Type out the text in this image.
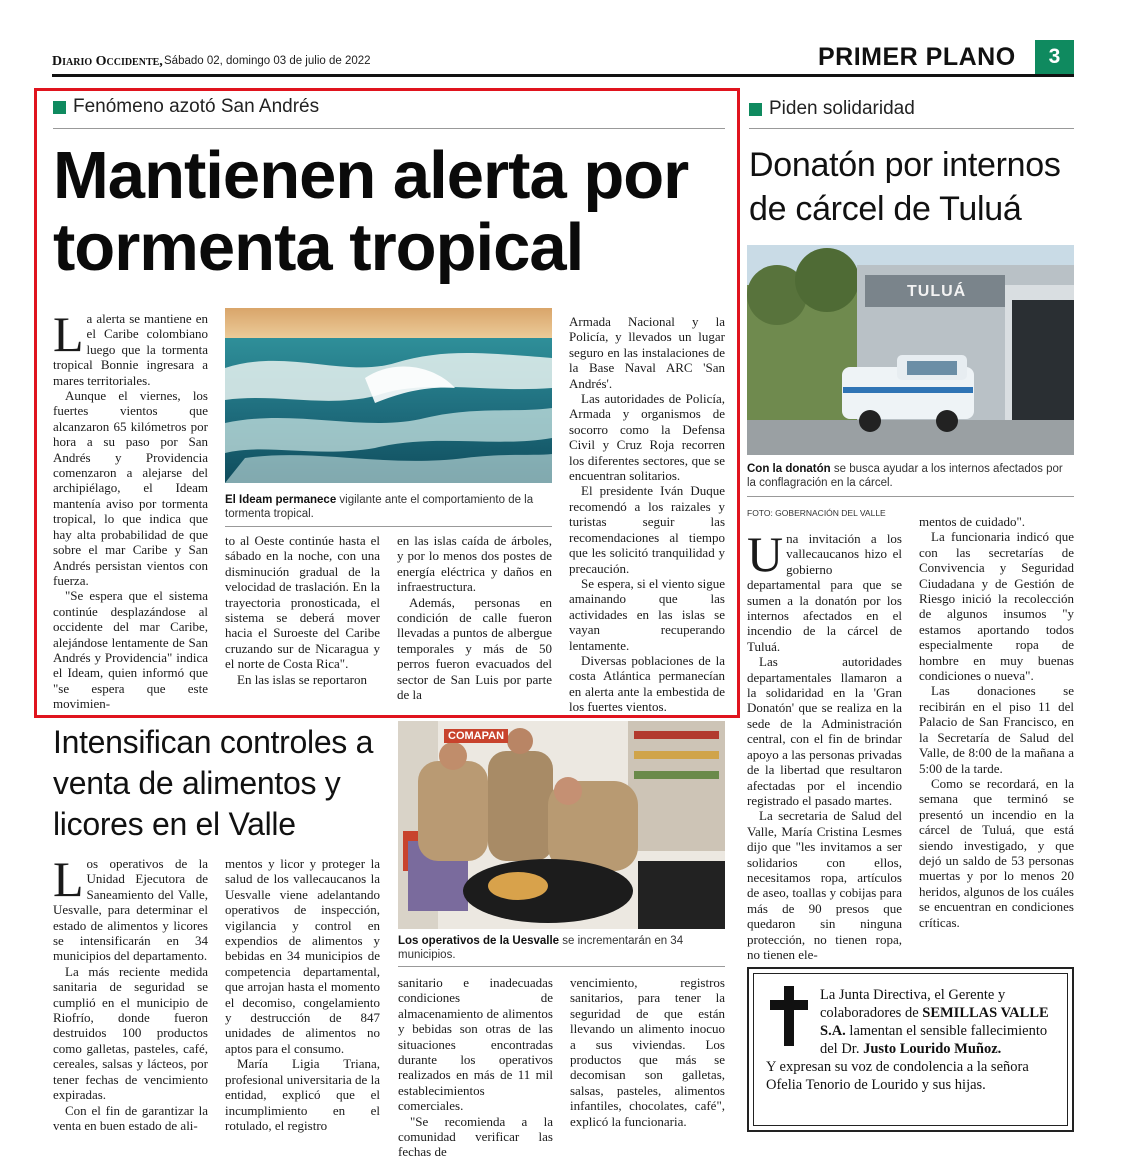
Diario Occidente, Sábado 02, domingo 03 de julio de 2022	PRIMER PLANO	3
Fenómeno azotó San Andrés
Mantienen alerta por tormenta tropical

La alerta se mantiene en el Caribe colombiano luego que la tormenta tropical Bonnie ingresara a mares territoriales.

Aunque el viernes, los fuertes vientos que alcanzaron 65 kilómetros por hora a su paso por San Andrés y Providencia comenzaron a alejarse del archipiélago, el Ideam mantenía aviso por tormenta tropical, lo que indica que hay alta probabilidad de que sobre el mar Caribe y San Andrés persistan vientos con fuerza.

"Se espera que el sistema continúe desplazándose al occidente del mar Caribe, alejándose lentamente de San Andrés y Providencia" indica el Ideam, quien informó que "se espera que este movimien-

El Ideam permanece vigilante ante el comportamiento de la tormenta tropical.

to al Oeste continúe hasta el sábado en la noche, con una disminución gradual de la velocidad de traslación. En la trayectoria pronosticada, el sistema se deberá mover hacia el Suroeste del Caribe cruzando sur de Nicaragua y el norte de Costa Rica".

En las islas se reportaron

en las islas caída de árboles, y por lo menos dos postes de energía eléctrica y daños en infraestructura.

Además, personas en condición de calle fueron llevadas a puntos de albergue temporales y más de 50 perros fueron evacuados del sector de San Luis por parte de la

Armada Nacional y la Policía, y llevados un lugar seguro en las instalaciones de la Base Naval ARC 'San Andrés'.

Las autoridades de Policía, Armada y organismos de socorro como la Defensa Civil y Cruz Roja recorren los diferentes sectores, que se encuentran solitarios.

El presidente Iván Duque recomendó a los raizales y turistas seguir las recomendaciones al tiempo que les solicitó tranquilidad y precaución.

Se espera, si el viento sigue amainando que las actividades en las islas se vayan recuperando lentamente.

Diversas poblaciones de la costa Atlántica permanecían en alerta ante la embestida de los fuertes vientos.

Piden solidaridad
Donatón por internos de cárcel de Tuluá
TULUÁ
Con la donatón se busca ayudar a los internos afectados por la conflagración en la cárcel.
FOTO: GOBERNACIÓN DEL VALLE

Una invitación a los vallecaucanos hizo el gobierno departamental para que se sumen a la donatón por los internos afectados en el incendio de la cárcel de Tuluá.

Las autoridades departamentales llamaron a la solidaridad en la 'Gran Donatón' que se realiza en la sede de la Administración central, con el fin de brindar apoyo a las personas privadas de la libertad que resultaron afectadas por el incendio registrado el pasado martes.

La secretaria de Salud del Valle, María Cristina Lesmes dijo que "les invitamos a ser solidarios con ellos, necesitamos ropa, artículos de aseo, toallas y cobijas para más de 90 presos que quedaron sin ninguna protección, no tienen ropa, no tienen ele-

mentos de cuidado".

La funcionaria indicó que con las secretarías de Convivencia y Seguridad Ciudadana y de Gestión de Riesgo inició la recolección de algunos insumos "y estamos aportando todos especialmente ropa de hombre en muy buenas condiciones o nueva".

Las donaciones se recibirán en el piso 11 del Palacio de San Francisco, en la Secretaría de Salud del Valle, de 8:00 de la mañana a 5:00 de la tarde.

Como se recordará, en la semana que terminó se presentó un incendio en la cárcel de Tuluá, que está siendo investigado, y que dejó un saldo de 53 personas muertas y por lo menos 20 heridos, algunos de los cuáles se encuentran en condiciones críticas.

Intensifican controles a venta de alimentos y licores en el Valle
COMAPAN
Los operativos de la Uesvalle se incrementarán en 34 municipios.

Los operativos de la Unidad Ejecutora de Saneamiento del Valle, Uesvalle, para determinar el estado de alimentos y licores se intensificarán en 34 municipios del departamento.

La más reciente medida sanitaria de seguridad se cumplió en el municipio de Riofrío, donde fueron destruidos 100 productos como galletas, pasteles, café, cereales, salsas y lácteos, por tener fechas de vencimiento expiradas.

Con el fin de garantizar la venta en buen estado de ali-

mentos y licor y proteger la salud de los vallecaucanos la Uesvalle viene adelantando operativos de inspección, vigilancia y control en expendios de alimentos y bebidas en 34 municipios de competencia departamental, que arrojan hasta el momento el decomiso, congelamiento y destrucción de 847 unidades de alimentos no aptos para el consumo.

María Ligia Triana, profesional universitaria de la entidad, explicó que el incumplimiento en el rotulado, el registro

sanitario e inadecuadas condiciones de almacenamiento de alimentos y bebidas son otras de las situaciones encontradas durante los operativos realizados en más de 11 mil establecimientos comerciales.

"Se recomienda a la comunidad verificar las fechas de

vencimiento, registros sanitarios, para tener la seguridad de que están llevando un alimento inocuo a sus viviendas. Los productos que más se decomisan son galletas, salsas, pasteles, alimentos infantiles, chocolates, café", explicó la funcionaria.

La Junta Directiva, el Gerente y colaboradores de SEMILLAS VALLE S.A. lamentan el sensible fallecimiento del Dr. Justo Lourido Muñoz.
Y expresan su voz de condolencia a la señora Ofelia Tenorio de Lourido y sus hijas.
